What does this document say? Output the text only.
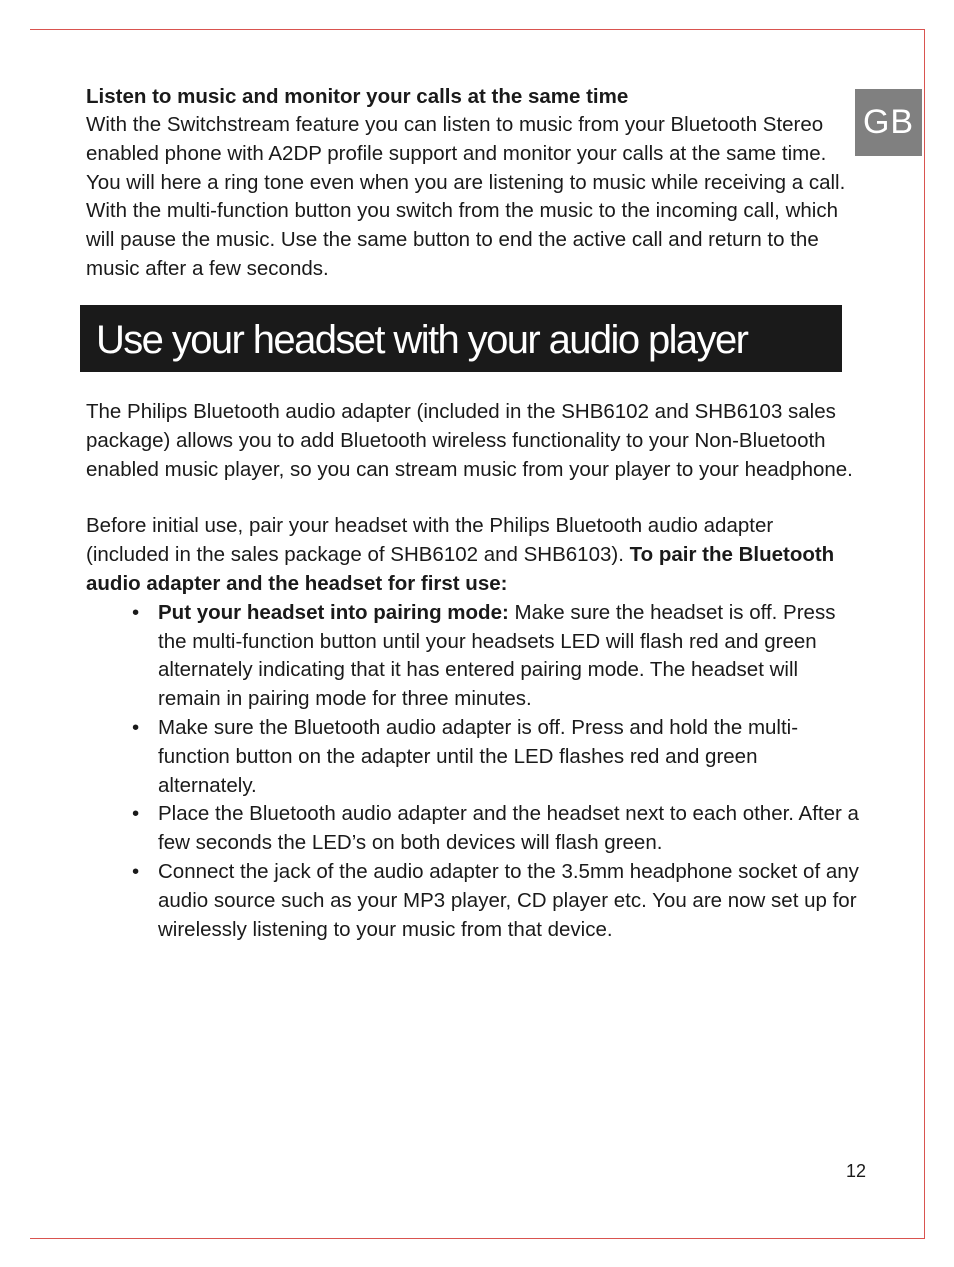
GB
Listen to music and monitor your calls at the same time

With the Switchstream feature you can listen to music from your Bluetooth Stereo enabled phone with A2DP profile support and monitor your calls at the same time. You will here a ring tone even when you are listening to music while receiving a call. With the multi-function button you switch from the music to the incoming call, which will pause the music. Use the same button to end the active call and return to the music after a few seconds.

Use your headset with your audio player

The Philips Bluetooth audio adapter (included in the SHB6102 and SHB6103 sales package) allows you to add Bluetooth wireless functionality to your Non-Bluetooth enabled music player, so you can stream music from your player to your headphone.

Before initial use, pair your headset with the Philips Bluetooth audio adapter (included in the sales package of SHB6102 and SHB6103). To pair the Bluetooth audio adapter and the headset for first use:

• Put your headset into pairing mode: Make sure the headset is off. Press the multi-function button until your headsets LED will flash red and green alternately indicating that it has entered pairing mode. The headset will remain in pairing mode for three minutes.
• Make sure the Bluetooth audio adapter is off. Press and hold the multi-function button on the adapter until the LED flashes red and green alternately.
• Place the Bluetooth audio adapter and the headset next to each other. After a few seconds the LED’s on both devices will flash green.
• Connect the jack of the audio adapter to the 3.5mm headphone socket of any audio source such as your MP3 player, CD player etc. You are now set up for wirelessly listening to your music from that device.
12
